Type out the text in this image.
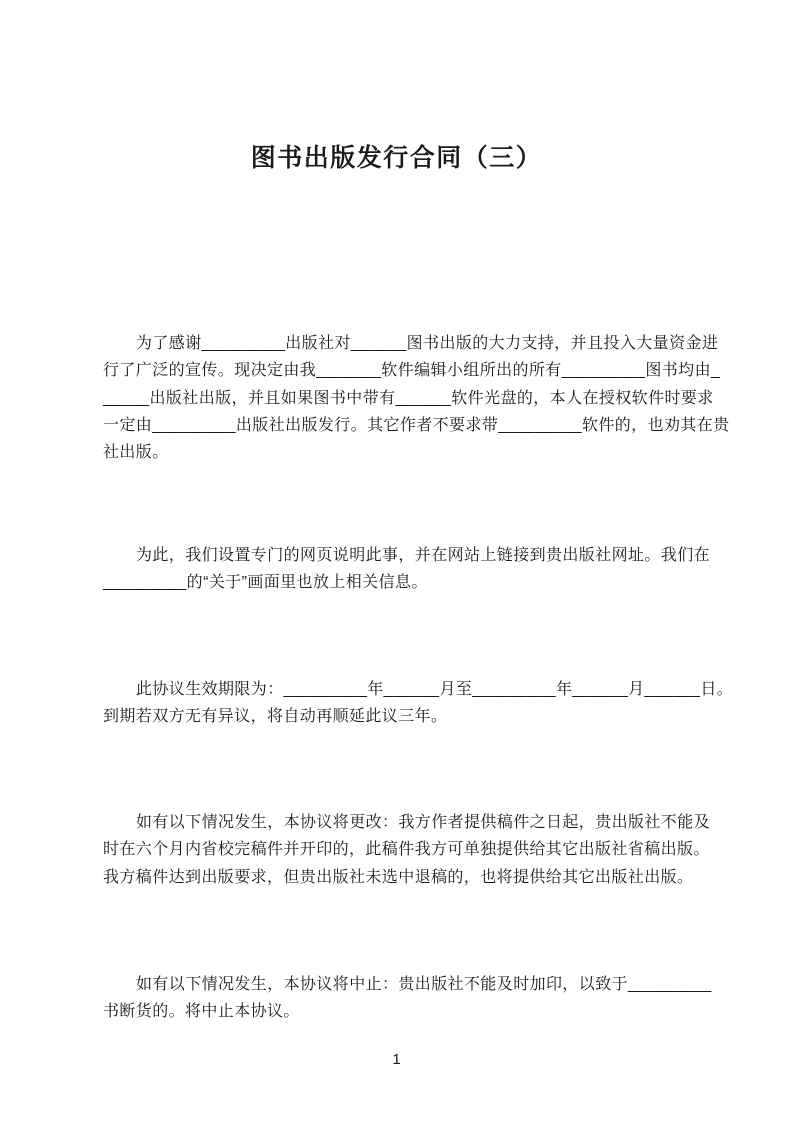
图书出版发行合同（三）
为了感谢_________出版社对______图书出版的大力支持，并且投入大量资金进
行了广泛的宣传。现决定由我_______软件编辑小组所出的所有_________图书均由_
_____出版社出版，并且如果图书中带有______软件光盘的，本人在授权软件时要求
一定由_________出版社出版发行。其它作者不要求带_________软件的，也劝其在贵
社出版。
为此，我们设置专门的网页说明此事，并在网站上链接到贵出版社网址。我们在
_________的“关于”画面里也放上相关信息。
此协议生效期限为：_________年______月至_________年______月______日。
到期若双方无有异议，将自动再顺延此议三年。
如有以下情况发生，本协议将更改：我方作者提供稿件之日起，贵出版社不能及
时在六个月内省校完稿件并开印的，此稿件我方可单独提供给其它出版社省稿出版。
我方稿件达到出版要求，但贵出版社未选中退稿的，也将提供给其它出版社出版。
如有以下情况发生，本协议将中止：贵出版社不能及时加印，以致于_________
书断货的。将中止本协议。
1
